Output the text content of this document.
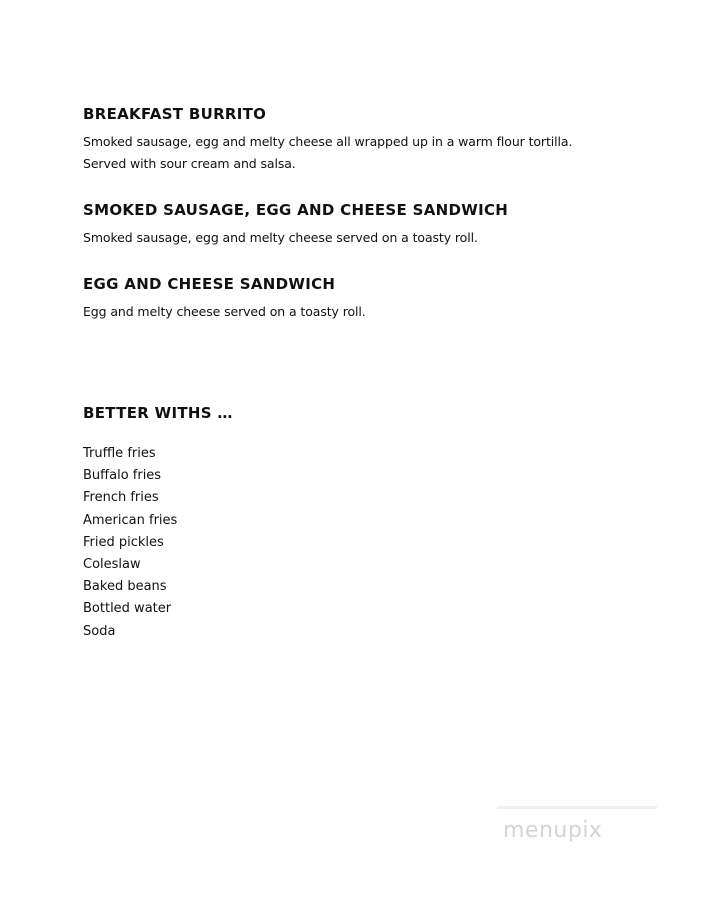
BREAKFAST BURRITO

Smoked sausage, egg and melty cheese all wrapped up in a warm flour tortilla.

Served with sour cream and salsa.

SMOKED SAUSAGE, EGG AND CHEESE SANDWICH

Smoked sausage, egg and melty cheese served on a toasty roll.

EGG AND CHEESE SANDWICH

Egg and melty cheese served on a toasty roll.

BETTER WITHS …
Truffle fries
Buffalo fries
French fries
American fries
Fried pickles
Coleslaw
Baked beans
Bottled water
Soda
menupix
